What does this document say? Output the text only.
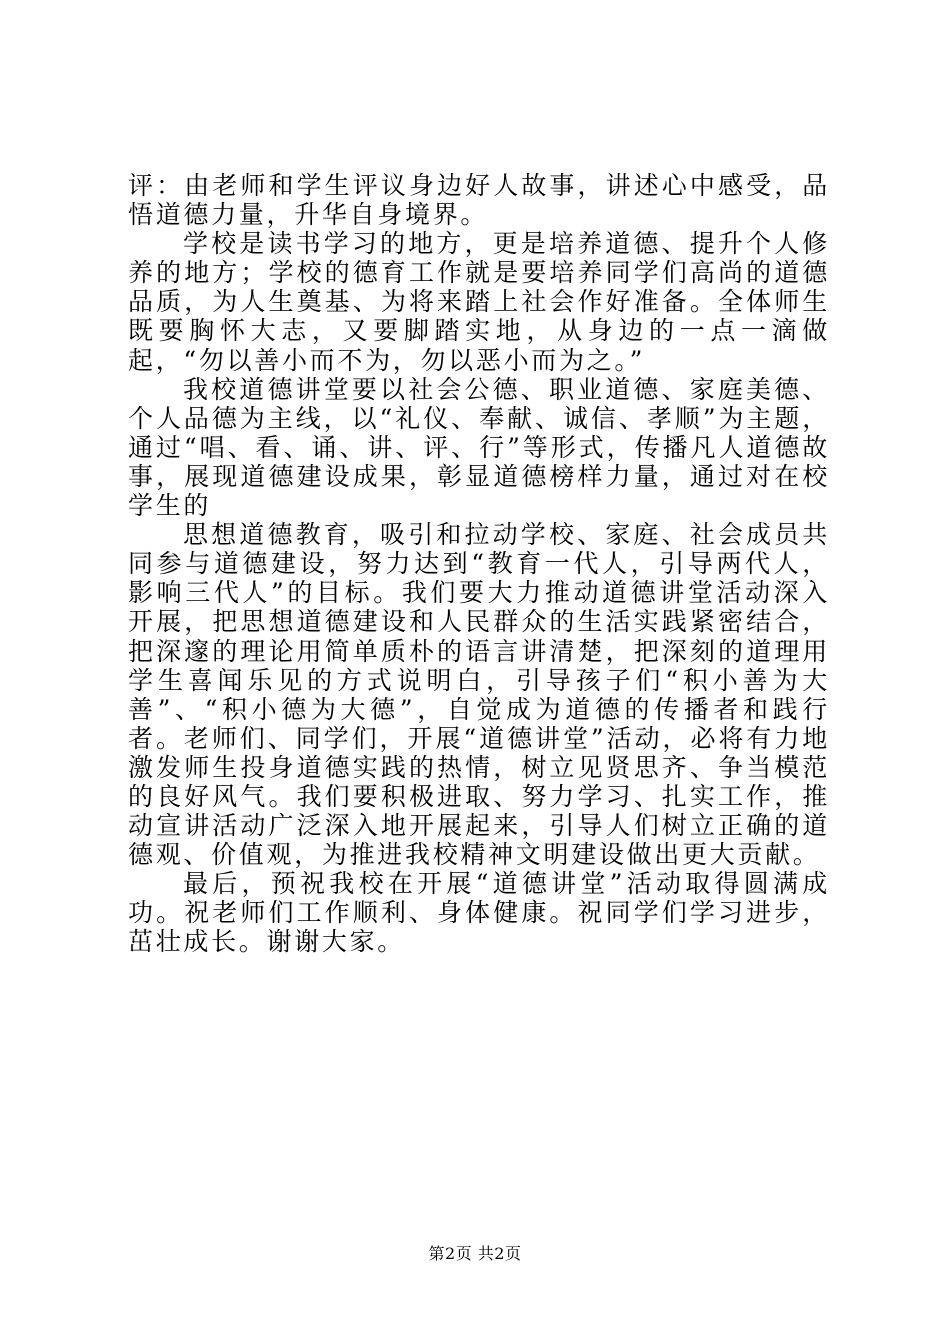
评：由老师和学生评议身边好人故事，讲述心中感受，品悟道德力量，升华自身境界。

学校是读书学习的地方，更是培养道德、提升个人修养的地方；学校的德育工作就是要培养同学们高尚的道德品质，为人生奠基、为将来踏上社会作好准备。全体师生既要胸怀大志，又要脚踏实地，从身边的一点一滴做起，“勿以善小而不为，勿以恶小而为之。”

我校道德讲堂要以社会公德、职业道德、家庭美德、个人品德为主线，以“礼仪、奉献、诚信、孝顺”为主题，通过“唱、看、诵、讲、评、行”等形式，传播凡人道德故事，展现道德建设成果，彰显道德榜样力量，通过对在校学生的

思想道德教育，吸引和拉动学校、家庭、社会成员共同参与道德建设，努力达到“教育一代人，引导两代人，影响三代人”的目标。我们要大力推动道德讲堂活动深入开展，把思想道德建设和人民群众的生活实践紧密结合，把深邃的理论用简单质朴的语言讲清楚，把深刻的道理用学生喜闻乐见的方式说明白，引导孩子们“积小善为大善”、“积小德为大德”，自觉成为道德的传播者和践行者。老师们、同学们，开展“道德讲堂”活动，必将有力地激发师生投身道德实践的热情，树立见贤思齐、争当模范的良好风气。我们要积极进取、努力学习、扎实工作，推动宣讲活动广泛深入地开展起来，引导人们树立正确的道德观、价值观，为推进我校精神文明建设做出更大贡献。

最后，预祝我校在开展“道德讲堂”活动取得圆满成功。祝老师们工作顺利、身体健康。祝同学们学习进步，茁壮成长。谢谢大家。

第2页 共2页
